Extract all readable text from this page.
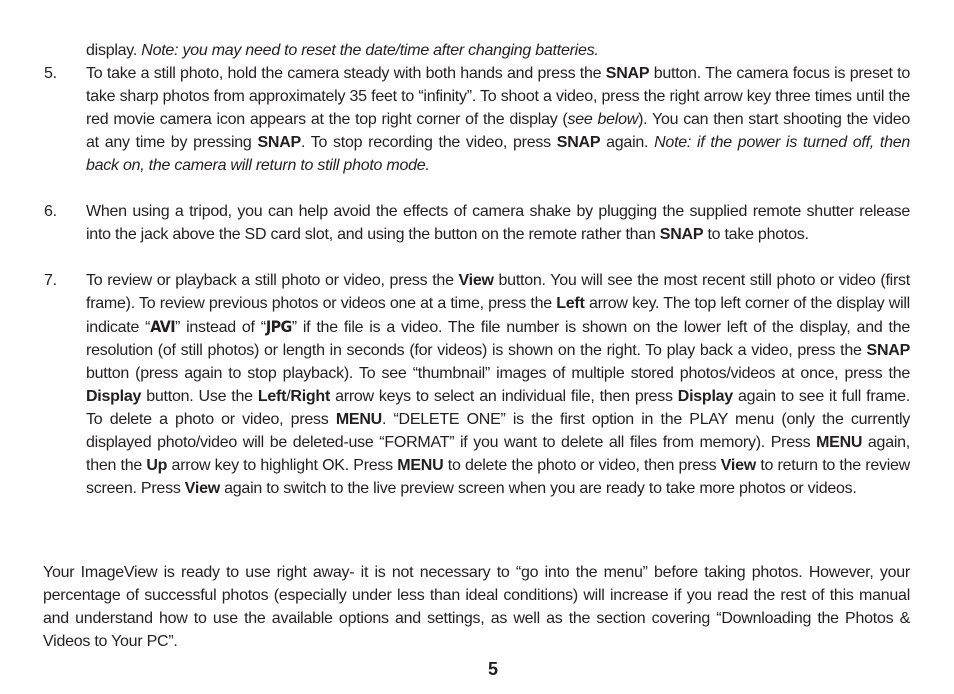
display. Note: you may need to reset the date/time after changing batteries.
5.	To take a still photo, hold the camera steady with both hands and press the SNAP button. The camera focus is preset to take sharp photos from approximately 35 feet to “infinity”. To shoot a video, press the right arrow key three times until the red movie camera icon appears at the top right corner of the display (see below). You can then start shooting the video at any time by pressing SNAP. To stop recording the video, press SNAP again. Note: if the power is turned off, then back on, the camera will return to still photo mode.
6.	When using a tripod, you can help avoid the effects of camera shake by plugging the supplied remote shutter release into the jack above the SD card slot, and using the button on the remote rather than SNAP to take photos.
7.	To review or playback a still photo or video, press the View button. You will see the most recent still photo or video (first frame). To review previous photos or videos one at a time, press the Left arrow key. The top left corner of the display will indicate “AVI” instead of “JPG” if the file is a video. The file number is shown on the lower left of the display, and the resolution (of still photos) or length in seconds (for videos) is shown on the right. To play back a video, press the SNAP button (press again to stop playback). To see “thumbnail” images of multiple stored photos/videos at once, press the Display button. Use the Left/Right arrow keys to select an individual file, then press Display again to see it full frame. To delete a photo or video, press MENU. “DELETE ONE” is the first option in the PLAY menu (only the currently displayed photo/video will be deleted-use “FORMAT” if you want to delete all files from memory). Press MENU again, then the Up arrow key to highlight OK. Press MENU to delete the photo or video, then press View to return to the review screen. Press View again to switch to the live preview screen when you are ready to take more photos or videos.
Your ImageView is ready to use right away- it is not necessary to “go into the menu” before taking photos. However, your percentage of successful photos (especially under less than ideal conditions) will increase if you read the rest of this manual and understand how to use the available options and settings, as well as the section covering “Downloading the Photos & Videos to Your PC”.
5
